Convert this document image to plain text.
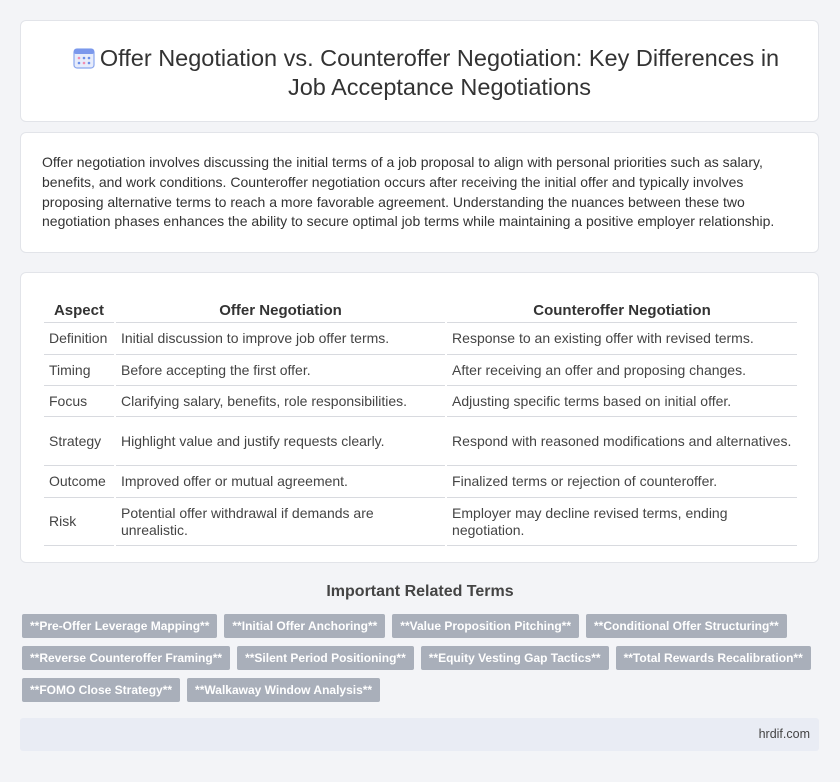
Offer Negotiation vs. Counteroffer Negotiation: Key Differences in Job Acceptance Negotiations

Offer negotiation involves discussing the initial terms of a job proposal to align with personal priorities such as salary, benefits, and work conditions. Counteroffer negotiation occurs after receiving the initial offer and typically involves proposing alternative terms to reach a more favorable agreement. Understanding the nuances between these two negotiation phases enhances the ability to secure optimal job terms while maintaining a positive employer relationship.

Aspect	Offer Negotiation	Counteroffer Negotiation
Definition	Initial discussion to improve job offer terms.	Response to an existing offer with revised terms.
Timing	Before accepting the first offer.	After receiving an offer and proposing changes.
Focus	Clarifying salary, benefits, role responsibilities.	Adjusting specific terms based on initial offer.
Strategy	Highlight value and justify requests clearly.	Respond with reasoned modifications and alternatives.
Outcome	Improved offer or mutual agreement.	Finalized terms or rejection of counteroffer.
Risk	Potential offer withdrawal if demands are unrealistic.	Employer may decline revised terms, ending negotiation.
Important Related Terms
**Pre-Offer Leverage Mapping**	**Initial Offer Anchoring**	**Value Proposition Pitching**	**Conditional Offer Structuring**
**Reverse Counteroffer Framing**	**Silent Period Positioning**	**Equity Vesting Gap Tactics**	**Total Rewards Recalibration**
**FOMO Close Strategy**	**Walkaway Window Analysis**
hrdif.com
